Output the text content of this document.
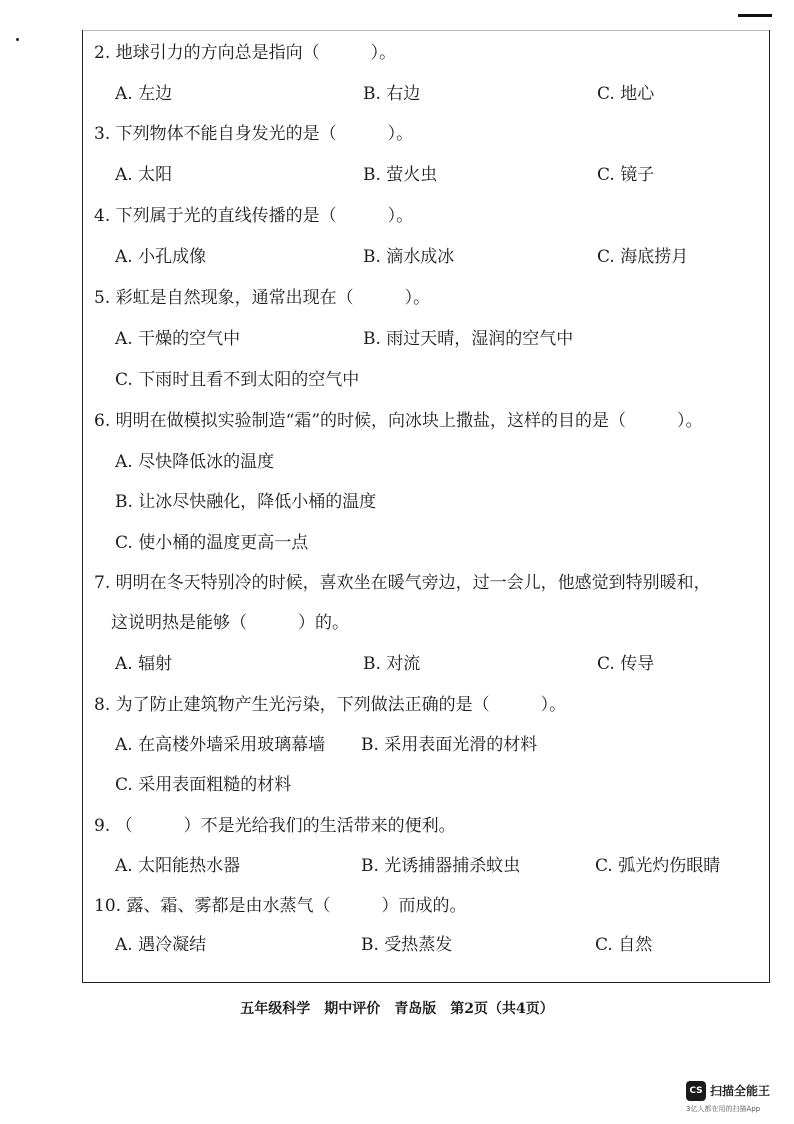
2. 地球引力的方向总是指向（　　　）。
A. 左边	B. 右边	C. 地心
3. 下列物体不能自身发光的是（　　　）。
A. 太阳	B. 萤火虫	C. 镜子
4. 下列属于光的直线传播的是（　　　）。
A. 小孔成像	B. 滴水成冰	C. 海底捞月
5. 彩虹是自然现象，通常出现在（　　　）。
A. 干燥的空气中	B. 雨过天晴，湿润的空气中
C. 下雨时且看不到太阳的空气中
6. 明明在做模拟实验制造“霜”的时候，向冰块上撒盐，这样的目的是（　　　）。
A. 尽快降低冰的温度
B. 让冰尽快融化，降低小桶的温度
C. 使小桶的温度更高一点
7. 明明在冬天特别冷的时候，喜欢坐在暖气旁边，过一会儿，他感觉到特别暖和，
这说明热是能够（　　　）的。
A. 辐射	B. 对流	C. 传导
8. 为了防止建筑物产生光污染，下列做法正确的是（　　　）。
A. 在高楼外墙采用玻璃幕墙 B. 采用表面光滑的材料
C. 采用表面粗糙的材料
9. （　　　）不是光给我们的生活带来的便利。
A. 太阳能热水器	B. 光诱捕器捕杀蚊虫	C. 弧光灼伤眼睛
10. 露、霜、雾都是由水蒸气（　　　）而成的。
A. 遇冷凝结	B. 受热蒸发	C. 自然
五年级科学　期中评价　青岛版　第2页（共4页）
CS 扫描全能王
3亿人都在用的扫描App
